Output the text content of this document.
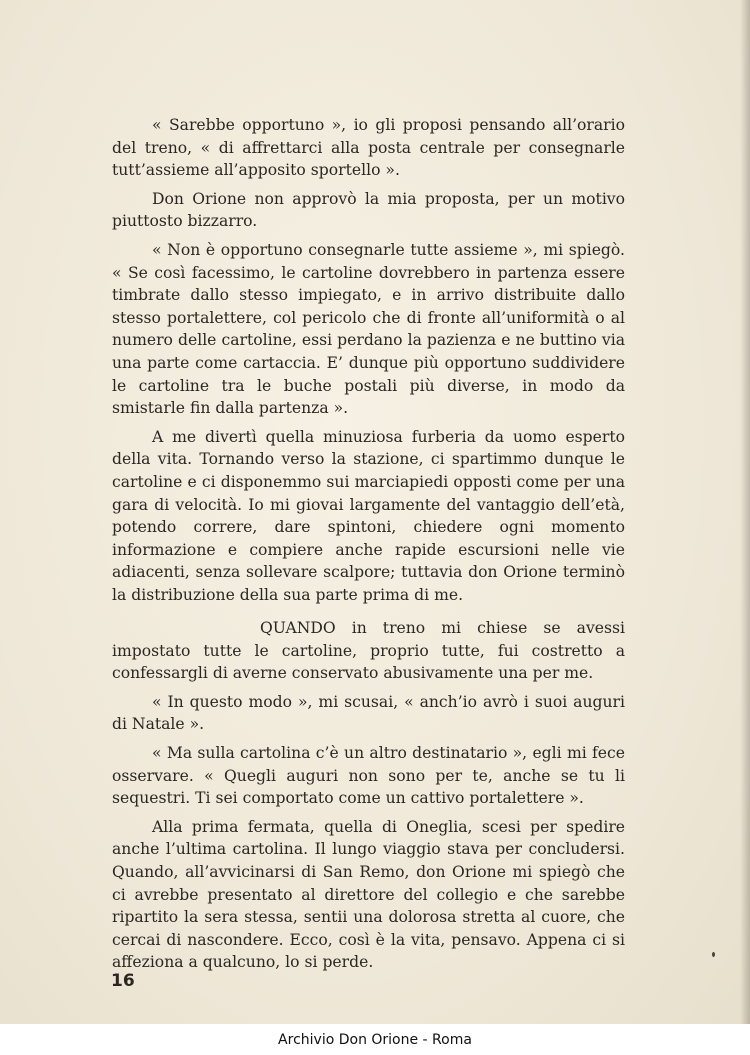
« Sarebbe opportuno », io gli proposi pensando all’orario del treno, « di affrettarci alla posta centrale per consegnarle tutt’assieme all’apposito sportello ».

Don Orione non approvò la mia proposta, per un motivo piuttosto bizzarro.

« Non è opportuno consegnarle tutte assieme », mi spiegò. « Se così facessimo, le cartoline dovrebbero in partenza essere timbrate dallo stesso impiegato, e in arrivo distribuite dallo stesso portalettere, col pericolo che di fronte all’uniformità o al numero delle cartoline, essi perdano la pazienza e ne buttino via una parte come cartaccia. E’ dunque più opportuno suddividere le cartoline tra le buche postali più diverse, in modo da smistarle fin dalla partenza ».

A me divertì quella minuziosa furberia da uomo esperto della vita. Tornando verso la stazione, ci spartimmo dunque le cartoline e ci disponemmo sui marciapiedi opposti come per una gara di velocità. Io mi giovai largamente del vantaggio dell’età, potendo correre, dare spintoni, chiedere ogni momento informazione e compiere anche rapide escursioni nelle vie adiacenti, senza sollevare scalpore; tuttavia don Orione terminò la distribuzione della sua parte prima di me.

QUANDO in treno mi chiese se avessi impostato tutte le cartoline, proprio tutte, fui costretto a confessargli di averne conservato abusivamente una per me.

« In questo modo », mi scusai, « anch’io avrò i suoi auguri di Natale ».

« Ma sulla cartolina c’è un altro destinatario », egli mi fece osservare. « Quegli auguri non sono per te, anche se tu li sequestri. Ti sei comportato come un cattivo portalettere ».

Alla prima fermata, quella di Oneglia, scesi per spedire anche l’ultima cartolina. Il lungo viaggio stava per concludersi. Quando, all’avvicinarsi di San Remo, don Orione mi spiegò che ci avrebbe presentato al direttore del collegio e che sarebbe ripartito la sera stessa, sentii una dolorosa stretta al cuore, che cercai di nascondere. Ecco, così è la vita, pensavo. Appena ci si affeziona a qualcuno, lo si perde.

16
Archivio Don Orione - Roma
